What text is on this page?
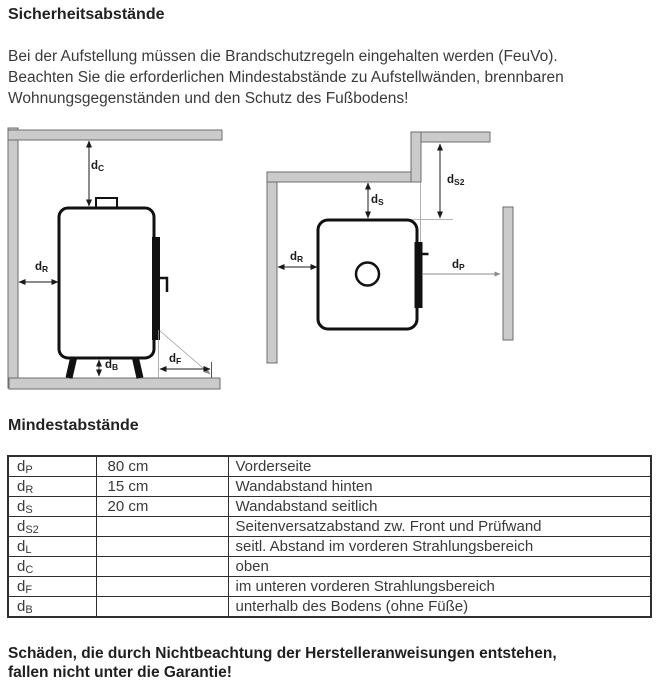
Sicherheitsabstände
Bei der Aufstellung müssen die Brandschutzregeln eingehalten werden (FeuVo).
Beachten Sie die erforderlichen Mindestabstände zu Aufstellwänden, brennbaren
Wohnungsgegenständen und den Schutz des Fußbodens!
dC
dR
dB
dF
dS
dS2
dR	dP
Mindestabstände
dP	80 cm	Vorderseite
dR	15 cm	Wandabstand hinten
dS	20 cm	Wandabstand seitlich
dS2		Seitenversatzabstand zw. Front und Prüfwand
dL		seitl. Abstand im vorderen Strahlungsbereich
dC		oben
dF		im unteren vorderen Strahlungsbereich
dB		unterhalb des Bodens (ohne Füße)
Schäden, die durch Nichtbeachtung der Herstelleranweisungen entstehen,
fallen nicht unter die Garantie!
